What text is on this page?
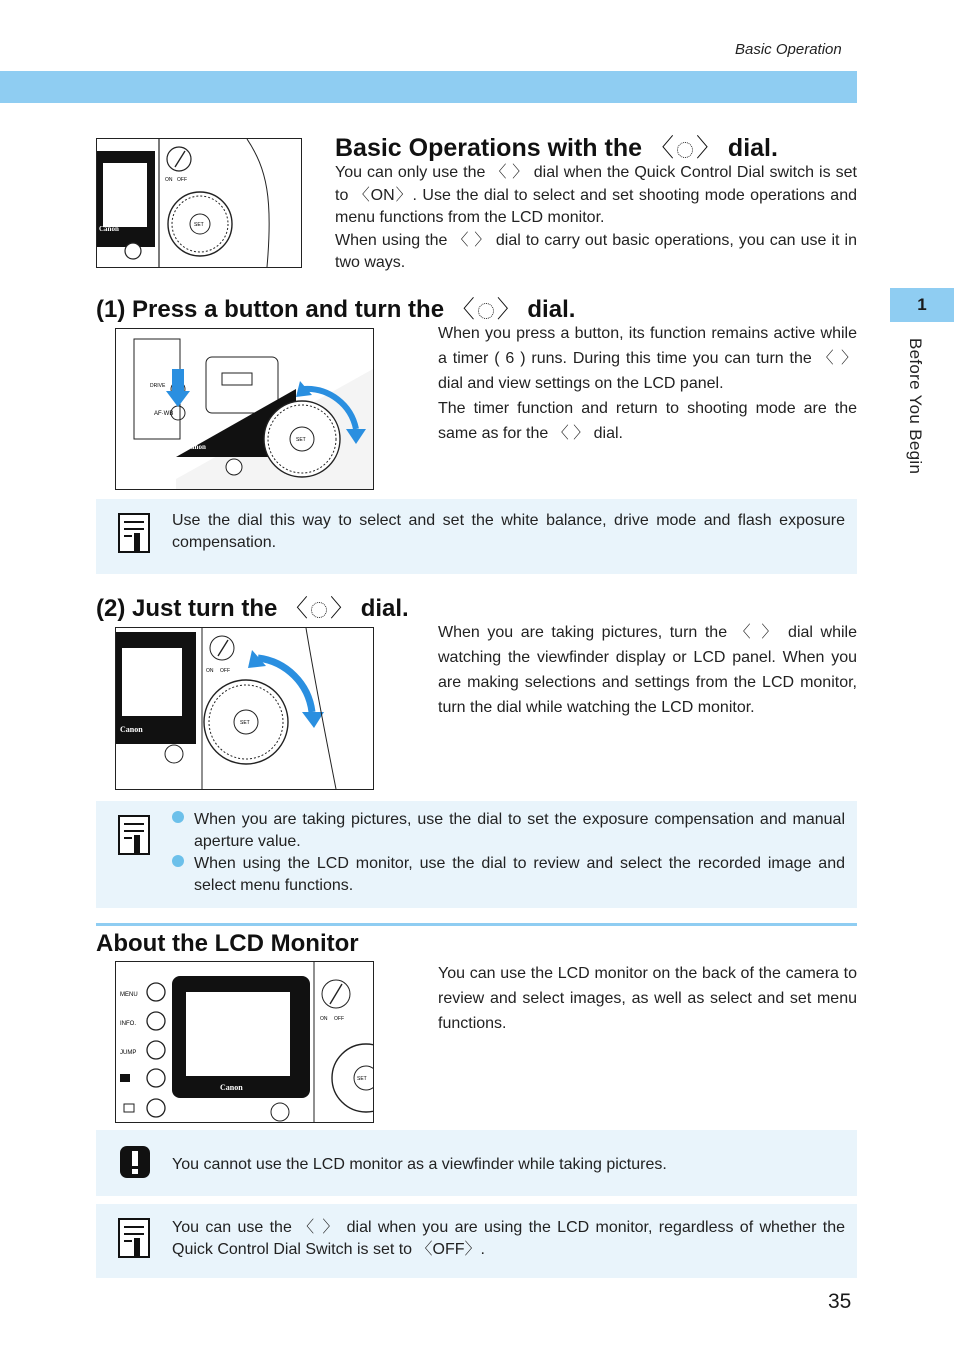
Basic Operation
1
Before You Begin
ON OFF
SET
Canon
Basic Operations with the 〈 〉 dial.

You can only use the 〈 〉 dial when the Quick Control Dial switch is set to 〈ON〉. Use the dial to select and set shooting mode operations and menu functions from the LCD monitor.

When using the 〈 〉 dial to carry out basic operations, you can use it in two ways.

(1) Press a button and turn the 〈 〉 dial.
DRIVE
AF·WB
Canon
SET

When you press a button, its function remains active while a timer ( 6 ) runs. During this time you can turn the 〈 〉 dial and view settings on the LCD panel.

The timer function and return to shooting mode are the same as for the 〈 〉 dial.

Use the dial this way to select and set the white balance, drive mode and flash exposure compensation.
(2) Just turn the 〈 〉 dial.
Canon
ON OFF
SET

When you are taking pictures, turn the 〈 〉 dial while watching the viewfinder display or LCD panel. When you are making selections and settings from the LCD monitor, turn the dial while watching the LCD monitor.

When you are taking pictures, use the dial to set the exposure compensation and manual aperture value.
When using the LCD monitor, use the dial to review and select the recorded image and select menu functions.
About the LCD Monitor
MENU
INFO.
JUMP
Canon
ON OFF
SET

You can use the LCD monitor on the back of the camera to review and select images, as well as select and set menu functions.

You cannot use the LCD monitor as a viewfinder while taking pictures.
You can use the 〈 〉 dial when you are using the LCD monitor, regardless of whether the Quick Control Dial Switch is set to 〈OFF〉.
35
